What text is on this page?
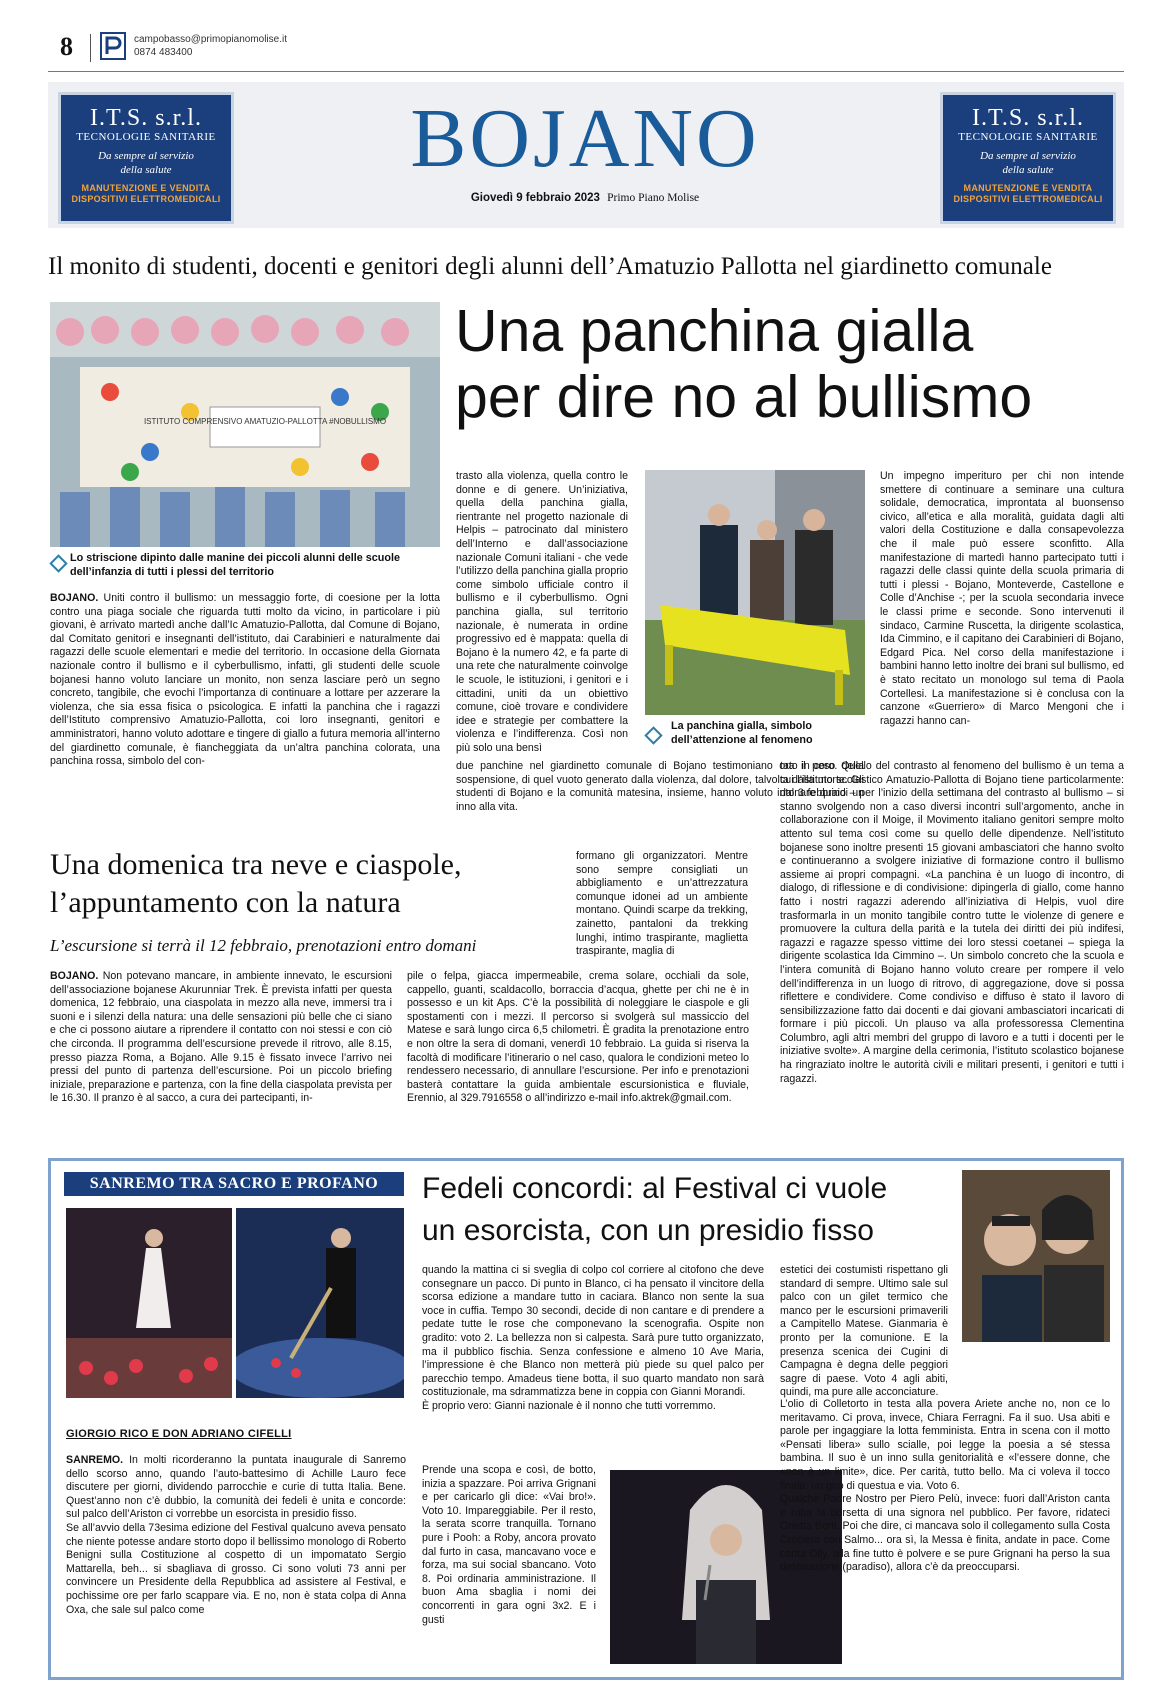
8	campobasso@primopianomolise.it
0874 483400
I.T.S. s.r.l.
TECNOLOGIE SANITARIE
Da sempre al servizio
della salute
MANUTENZIONE E VENDITA
DISPOSITIVI ELETTROMEDICALI
BOJANO
Giovedì 9 febbraio 2023 Primo Piano Molise
I.T.S. s.r.l.
TECNOLOGIE SANITARIE
Da sempre al servizio
della salute
MANUTENZIONE E VENDITA
DISPOSITIVI ELETTROMEDICALI
Il monito di studenti, docenti e genitori degli alunni dell’Amatuzio Pallotta nel giardinetto comunale
ISTITUTO COMPRENSIVO AMATUZIO-PALLOTTA #NOBULLISMO
Lo striscione dipinto dalle manine dei piccoli alunni delle scuole dell’infanzia di tutti i plessi del territorio
Una panchina gialla
per dire no al bullismo

BOJANO. Uniti contro il bullismo: un messaggio forte, di coesione per la lotta contro una piaga sociale che riguarda tutti molto da vicino, in particolare i più giovani, è arrivato martedì anche dall’Ic Amatuzio-Pallotta, dal Comune di Bojano, dal Comitato genitori e insegnanti dell’istituto, dai Carabinieri e naturalmente dai ragazzi delle scuole elementari e medie del territorio. In occasione della Giornata nazionale contro il bullismo e il cyberbullismo, infatti, gli studenti delle scuole bojanesi hanno voluto lanciare un monito, non senza lasciare però un segno concreto, tangibile, che evochi l’importanza di continuare a lottare per azzerare la violenza, che sia essa fisica o psicologica. E infatti la panchina che i ragazzi dell’Istituto comprensivo Amatuzio-Pallotta, coi loro insegnanti, genitori e amministratori, hanno voluto adottare e tingere di giallo a futura memoria all’interno del giardinetto comunale, è fiancheggiata da un’altra panchina colorata, una panchina rossa, simbolo del con-

trasto alla violenza, quella contro le donne e di genere. Un’iniziativa, quella della panchina gialla, rientrante nel progetto nazionale di Helpis – patrocinato dal ministero dell’Interno e dall’associazione nazionale Comuni italiani - che vede l’utilizzo della panchina gialla proprio come simbolo ufficiale contro il bullismo e il cyberbullismo. Ogni panchina gialla, sul territorio nazionale, è numerata in ordine progressivo ed è mappata: quella di Bojano è la numero 42, e fa parte di una rete che naturalmente coinvolge le scuole, le istituzioni, i genitori e i cittadini, uniti da un obiettivo comune, cioè trovare e condividere idee e strategie per combattere la violenza e l’indifferenza. Così non più solo una bensì

due panchine nel giardinetto comunale di Bojano testimoniano ora il peso della sospensione, di quel vuoto generato dalla violenza, dal dolore, talvolta dalla morte. Gli studenti di Bojano e la comunità matesina, insieme, hanno voluto intonare quindi un inno alla vita.

La panchina gialla, simbolo dell’attenzione al fenomeno

Un impegno imperituro per chi non intende smettere di continuare a seminare una cultura solidale, democratica, improntata al buonsenso civico, all’etica e alla moralità, guidata dagli alti valori della Costituzione e dalla consapevolezza che il male può essere sconfitto. Alla manifestazione di martedì hanno partecipato tutti i ragazzi delle classi quinte della scuola primaria di tutti i plessi - Bojano, Monteverde, Castellone e Colle d’Anchise -; per la scuola secondaria invece le classi prime e seconde. Sono intervenuti il sindaco, Carmine Ruscetta, la dirigente scolastica, Ida Cimmino, e il capitano dei Carabinieri di Bojano, Edgard Pica. Nel corso della manifestazione i bambini hanno letto inoltre dei brani sul bullismo, ed è stato recitato un monologo sul tema di Paola Cortellesi. La manifestazione si è conclusa con la canzone «Guerriero» di Marco Mengoni che i ragazzi hanno can-

tato in coro. Quello del contrasto al fenomeno del bullismo è un tema a cui l’istituto scolastico Amatuzio-Pallotta di Bojano tiene particolarmente: dal 3 febbraio – per l’inizio della settimana del contrasto al bullismo – si stanno svolgendo non a caso diversi incontri sull’argomento, anche in collaborazione con il Moige, il Movimento italiano genitori sempre molto attento sul tema così come su quello delle dipendenze. Nell’istituto bojanese sono inoltre presenti 15 giovani ambasciatori che hanno svolto e continueranno a svolgere iniziative di formazione contro il bullismo assieme ai propri compagni. «La panchina è un luogo di incontro, di dialogo, di riflessione e di condivisione: dipingerla di giallo, come hanno fatto i nostri ragazzi aderendo all’iniziativa di Helpis, vuol dire trasformarla in un monito tangibile contro tutte le violenze di genere e promuovere la cultura della parità e la tutela dei diritti dei più indifesi, ragazzi e ragazze spesso vittime dei loro stessi coetanei – spiega la dirigente scolastica Ida Cimmino –. Un simbolo concreto che la scuola e l’intera comunità di Bojano hanno voluto creare per rompere il velo dell’indifferenza in un luogo di ritrovo, di aggregazione, dove si possa riflettere e condividere. Come condiviso e diffuso è stato il lavoro di sensibilizzazione fatto dai docenti e dai giovani ambasciatori incaricati di formare i più piccoli. Un plauso va alla professoressa Clementina Columbro, agli altri membri del gruppo di lavoro e a tutti i docenti per le iniziative svolte». A margine della cerimonia, l’istituto scolastico bojanese ha ringraziato inoltre le autorità civili e militari presenti, i genitori e tutti i ragazzi.

Una domenica tra neve e ciaspole,
l’appuntamento con la natura
L’escursione si terrà il 12 febbraio, prenotazioni entro domani

BOJANO. Non potevano mancare, in ambiente innevato, le escursioni dell’associazione bojanese Akurunniar Trek. È prevista infatti per questa domenica, 12 febbraio, una ciaspolata in mezzo alla neve, immersi tra i suoni e i silenzi della natura: una delle sensazioni più belle che ci siano e che ci possono aiutare a riprendere il contatto con noi stessi e con ciò che circonda. Il programma dell’escursione prevede il ritrovo, alle 8.15, presso piazza Roma, a Bojano. Alle 9.15 è fissato invece l’arrivo nei pressi del punto di partenza dell’escursione. Poi un piccolo briefing iniziale, preparazione e partenza, con la fine della ciaspolata prevista per le 16.30. Il pranzo è al sacco, a cura dei partecipanti, in-

formano gli organizzatori. Mentre sono sempre consigliati un abbigliamento e un’attrezzatura comunque idonei ad un ambiente montano. Quindi scarpe da trekking, zainetto, pantaloni da trekking lunghi, intimo traspirante, maglietta traspirante, maglia di

pile o felpa, giacca impermeabile, crema solare, occhiali da sole, cappello, guanti, scaldacollo, borraccia d’acqua, ghette per chi ne è in possesso e un kit Aps. C’è la possibilità di noleggiare le ciaspole e gli spostamenti con i mezzi. Il percorso si svolgerà sul massiccio del Matese e sarà lungo circa 6,5 chilometri. È gradita la prenotazione entro e non oltre la sera di domani, venerdì 10 febbraio. La guida si riserva la facoltà di modificare l’itinerario o nel caso, qualora le condizioni meteo lo rendessero necessario, di annullare l’escursione. Per info e prenotazioni basterà contattare la guida ambientale escursionistica e fluviale, Erennio, al 329.7916558 o all’indirizzo e-mail info.aktrek@gmail.com.

SANREMO TRA SACRO E PROFANO	Fedeli concordi: al Festival ci vuole
un esorcista, con un presidio fisso
GIORGIO RICO E DON ADRIANO CIFELLI

SANREMO. In molti ricorderanno la puntata inaugurale di Sanremo dello scorso anno, quando l’auto-battesimo di Achille Lauro fece discutere per giorni, dividendo parrocchie e curie di tutta Italia. Bene. Quest’anno non c’è dubbio, la comunità dei fedeli è unita e concorde: sul palco dell’Ariston ci vorrebbe un esorcista in presidio fisso.
Se all’avvio della 73esima edizione del Festival qualcuno aveva pensato che niente potesse andare storto dopo il bellissimo monologo di Roberto Benigni sulla Costituzione al cospetto di un impomatato Sergio Mattarella, beh... si sbagliava di grosso. Ci sono voluti 73 anni per convincere un Presidente della Repubblica ad assistere al Festival, e pochissime ore per farlo scappare via. E no, non è stata colpa di Anna Oxa, che sale sul palco come

quando la mattina ci si sveglia di colpo col corriere al citofono che deve consegnare un pacco. Di punto in Blanco, ci ha pensato il vincitore della scorsa edizione a mandare tutto in caciara. Blanco non sente la sua voce in cuffia. Tempo 30 secondi, decide di non cantare e di prendere a pedate tutte le rose che componevano la scenografia. Ospite non gradito: voto 2. La bellezza non si calpesta. Sarà pure tutto organizzato, ma il pubblico fischia. Senza confessione e almeno 10 Ave Maria, l’impressione è che Blanco non metterà più piede su quel palco per parecchio tempo. Amadeus tiene botta, il suo quarto mandato non sarà costituzionale, ma sdrammatizza bene in coppia con Gianni Morandi.
È proprio vero: Gianni nazionale è il nonno che tutti vorremmo.

Prende una scopa e così, de botto, inizia a spazzare. Poi arriva Grignani e per caricarlo gli dice: «Vai bro!». Voto 10. Impareggiabile. Per il resto, la serata scorre tranquilla. Tornano pure i Pooh: a Roby, ancora provato dal furto in casa, mancavano voce e forza, ma sui social sbancano. Voto 8. Poi ordinaria amministrazione. Il buon Ama sbaglia i nomi dei concorrenti in gara ogni 3x2. E i gusti

estetici dei costumisti rispettano gli standard di sempre. Ultimo sale sul palco con un gilet termico che manco per le escursioni primaverili a Campitello Matese. Gianmaria è pronto per la comunione. E la presenza scenica dei Cugini di Campagna è degna delle peggiori sagre di paese. Voto 4 agli abiti, quindi, ma pure alle acconciature.

L’olio di Colletorto in testa alla povera Ariete anche no, non ce lo meritavamo. Ci prova, invece, Chiara Ferragni. Fa il suo. Usa abiti e parole per ingaggiare la lotta femminista. Entra in scena con il motto «Pensati libera» sullo scialle, poi legge la poesia a sé stessa bambina. Il suo è un inno sulla genitorialità e «l’essere donne, che «non è un limite», dice. Per carità, tutto bello. Ma ci voleva il tocco finale: un giro di questua e via. Voto 6.
Qualche Padre Nostro per Piero Pelù, invece: fuori dall’Ariston canta e ruba la borsetta di una signora nel pubblico. Per favore, ridateci Orietta Berti. Poi che dire, ci mancava solo il collegamento sulla Costa Crociera con Salmo... ora sì, la Messa è finita, andate in pace. Come canta Olly, alla fine tutto è polvere e se pure Grignani ha perso la sua destinazione (paradiso), allora c’è da preoccuparsi.
